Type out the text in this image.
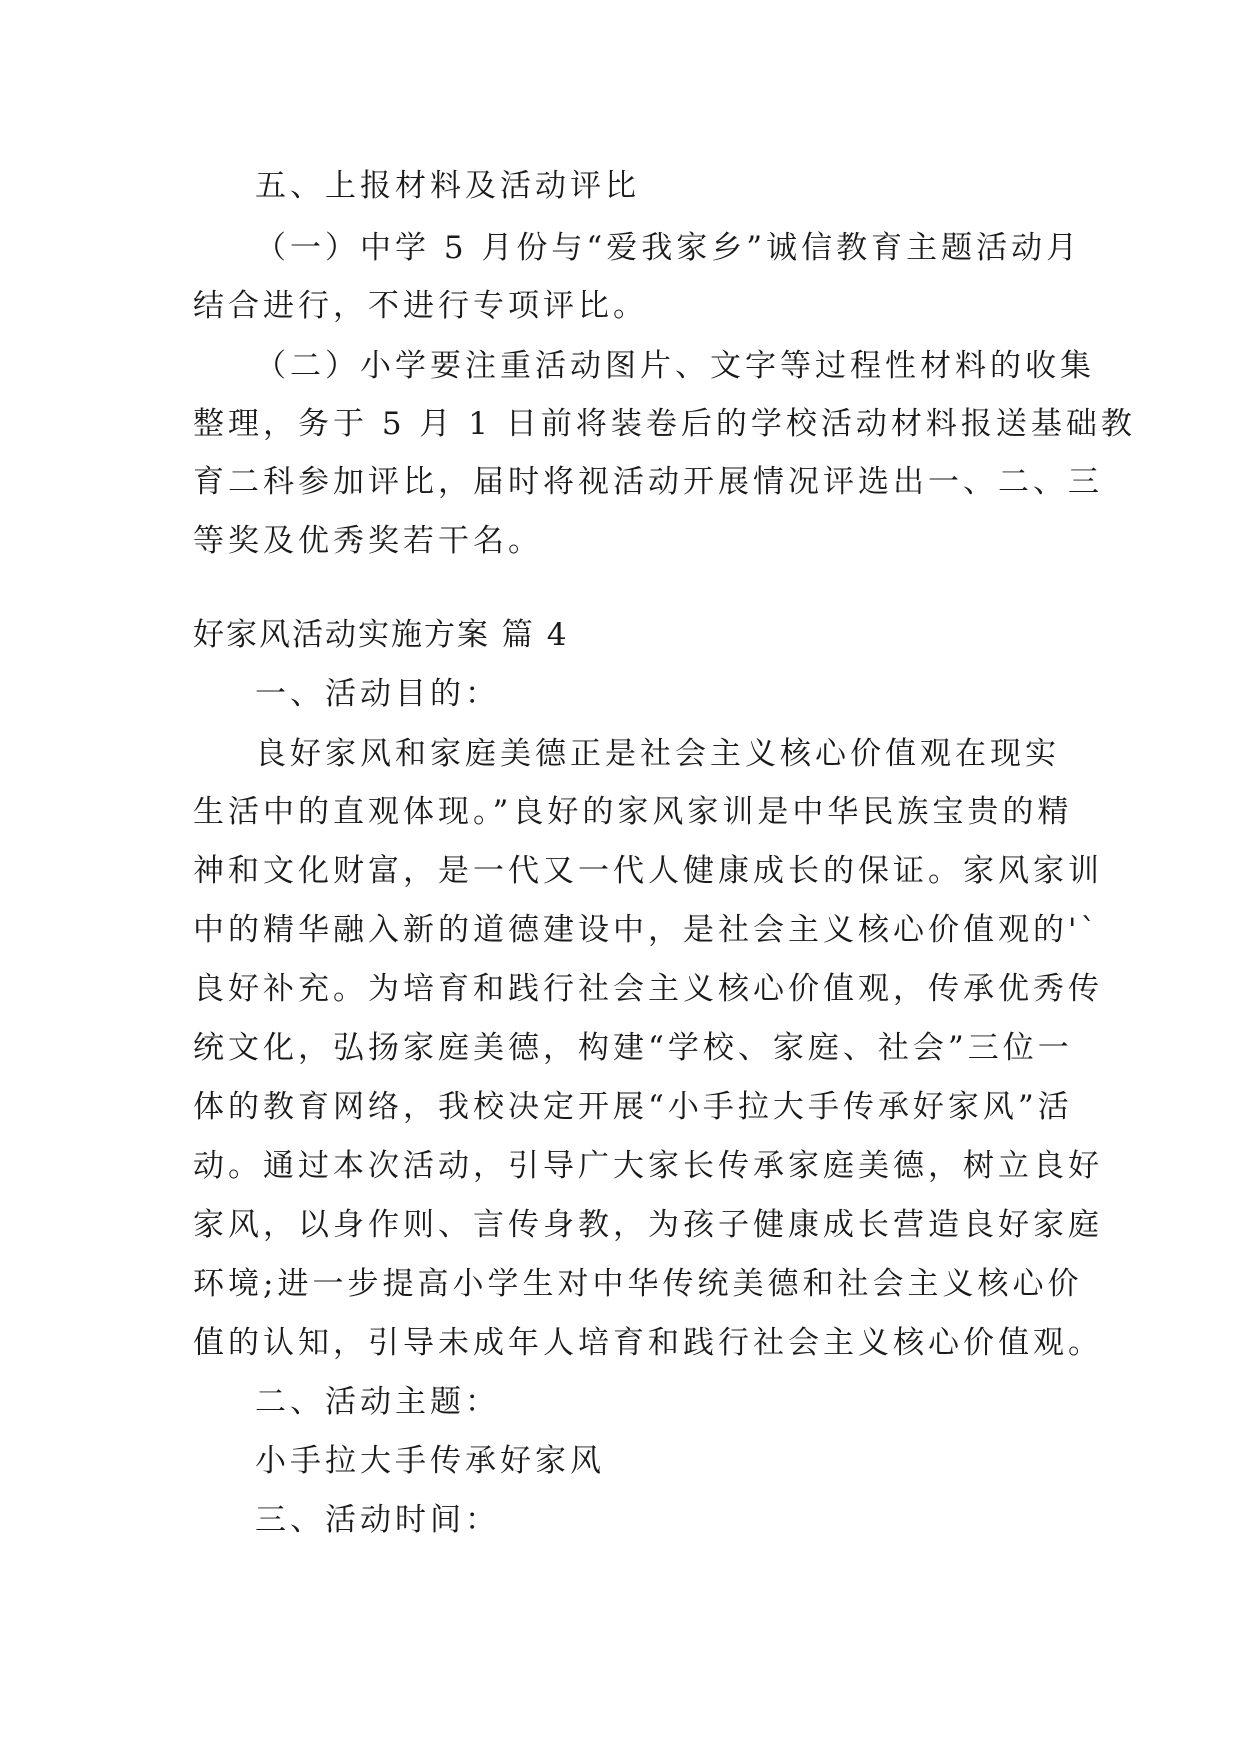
五、上报材料及活动评比
（一）中学 5 月份与“爱我家乡”诚信教育主题活动月
结合进行，不进行专项评比。
（二）小学要注重活动图片、文字等过程性材料的收集
整理，务于 5 月 1 日前将装卷后的学校活动材料报送基础教
育二科参加评比，届时将视活动开展情况评选出一、二、三
等奖及优秀奖若干名。
好家风活动实施方案 篇 4
一、活动目的：
良好家风和家庭美德正是社会主义核心价值观在现实
生活中的直观体现。”良好的家风家训是中华民族宝贵的精
神和文化财富，是一代又一代人健康成长的保证。家风家训
中的精华融入新的道德建设中，是社会主义核心价值观的'`
良好补充。为培育和践行社会主义核心价值观，传承优秀传
统文化，弘扬家庭美德，构建“学校、家庭、社会”三位一
体的教育网络，我校决定开展“小手拉大手传承好家风”活
动。通过本次活动，引导广大家长传承家庭美德，树立良好
家风，以身作则、言传身教，为孩子健康成长营造良好家庭
环境;进一步提高小学生对中华传统美德和社会主义核心价
值的认知，引导未成年人培育和践行社会主义核心价值观。
二、活动主题：
小手拉大手传承好家风
三、活动时间：
